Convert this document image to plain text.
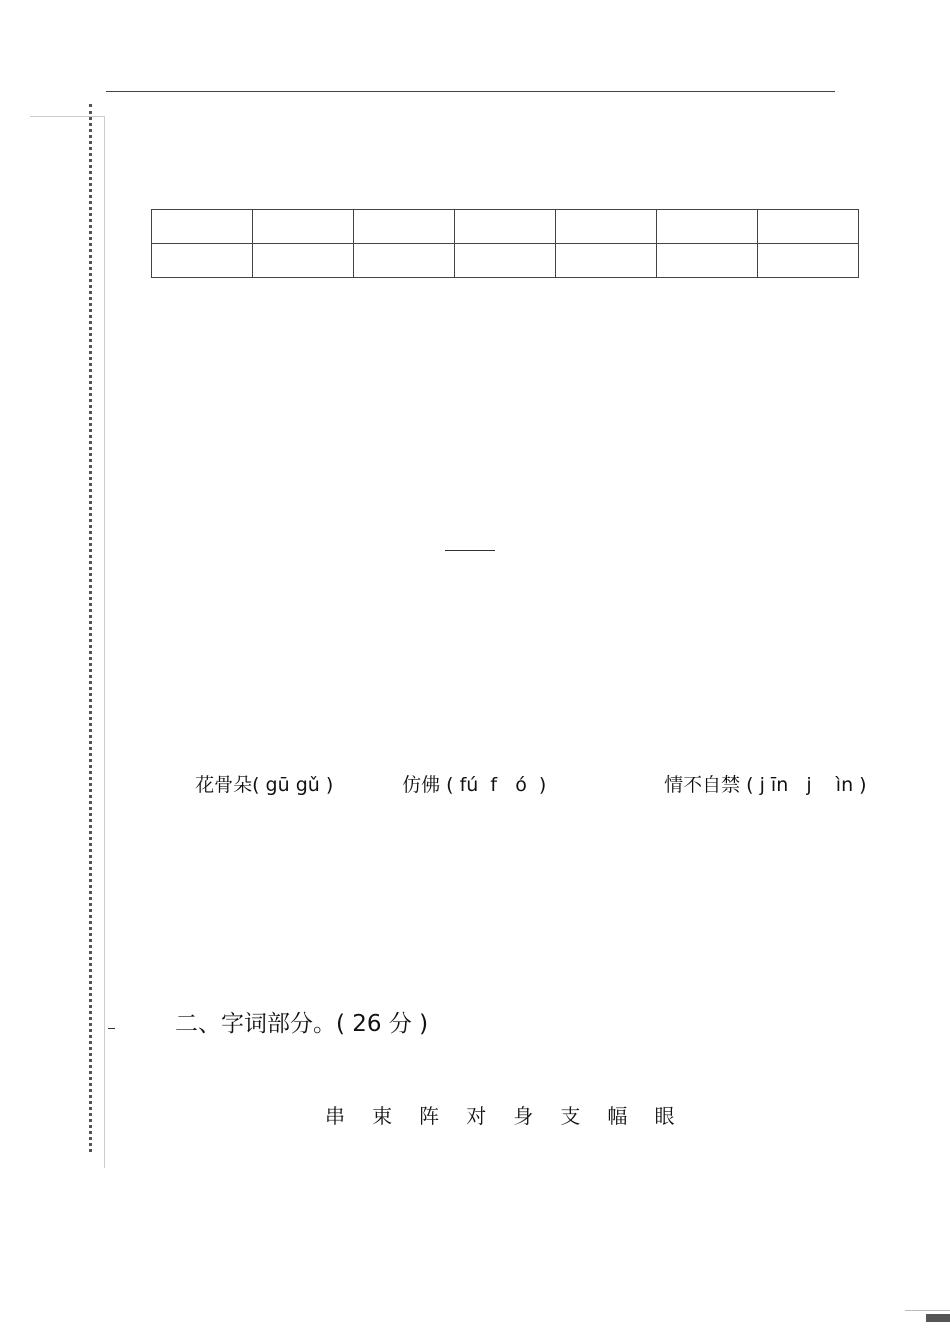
花骨朵( gū gǔ )	仿佛 ( fú  f   ó  )	情不自禁 ( j īn   j    ìn )

二、字词部分。( 26 分 )
串   束   阵   对   身   支   幅   眼
